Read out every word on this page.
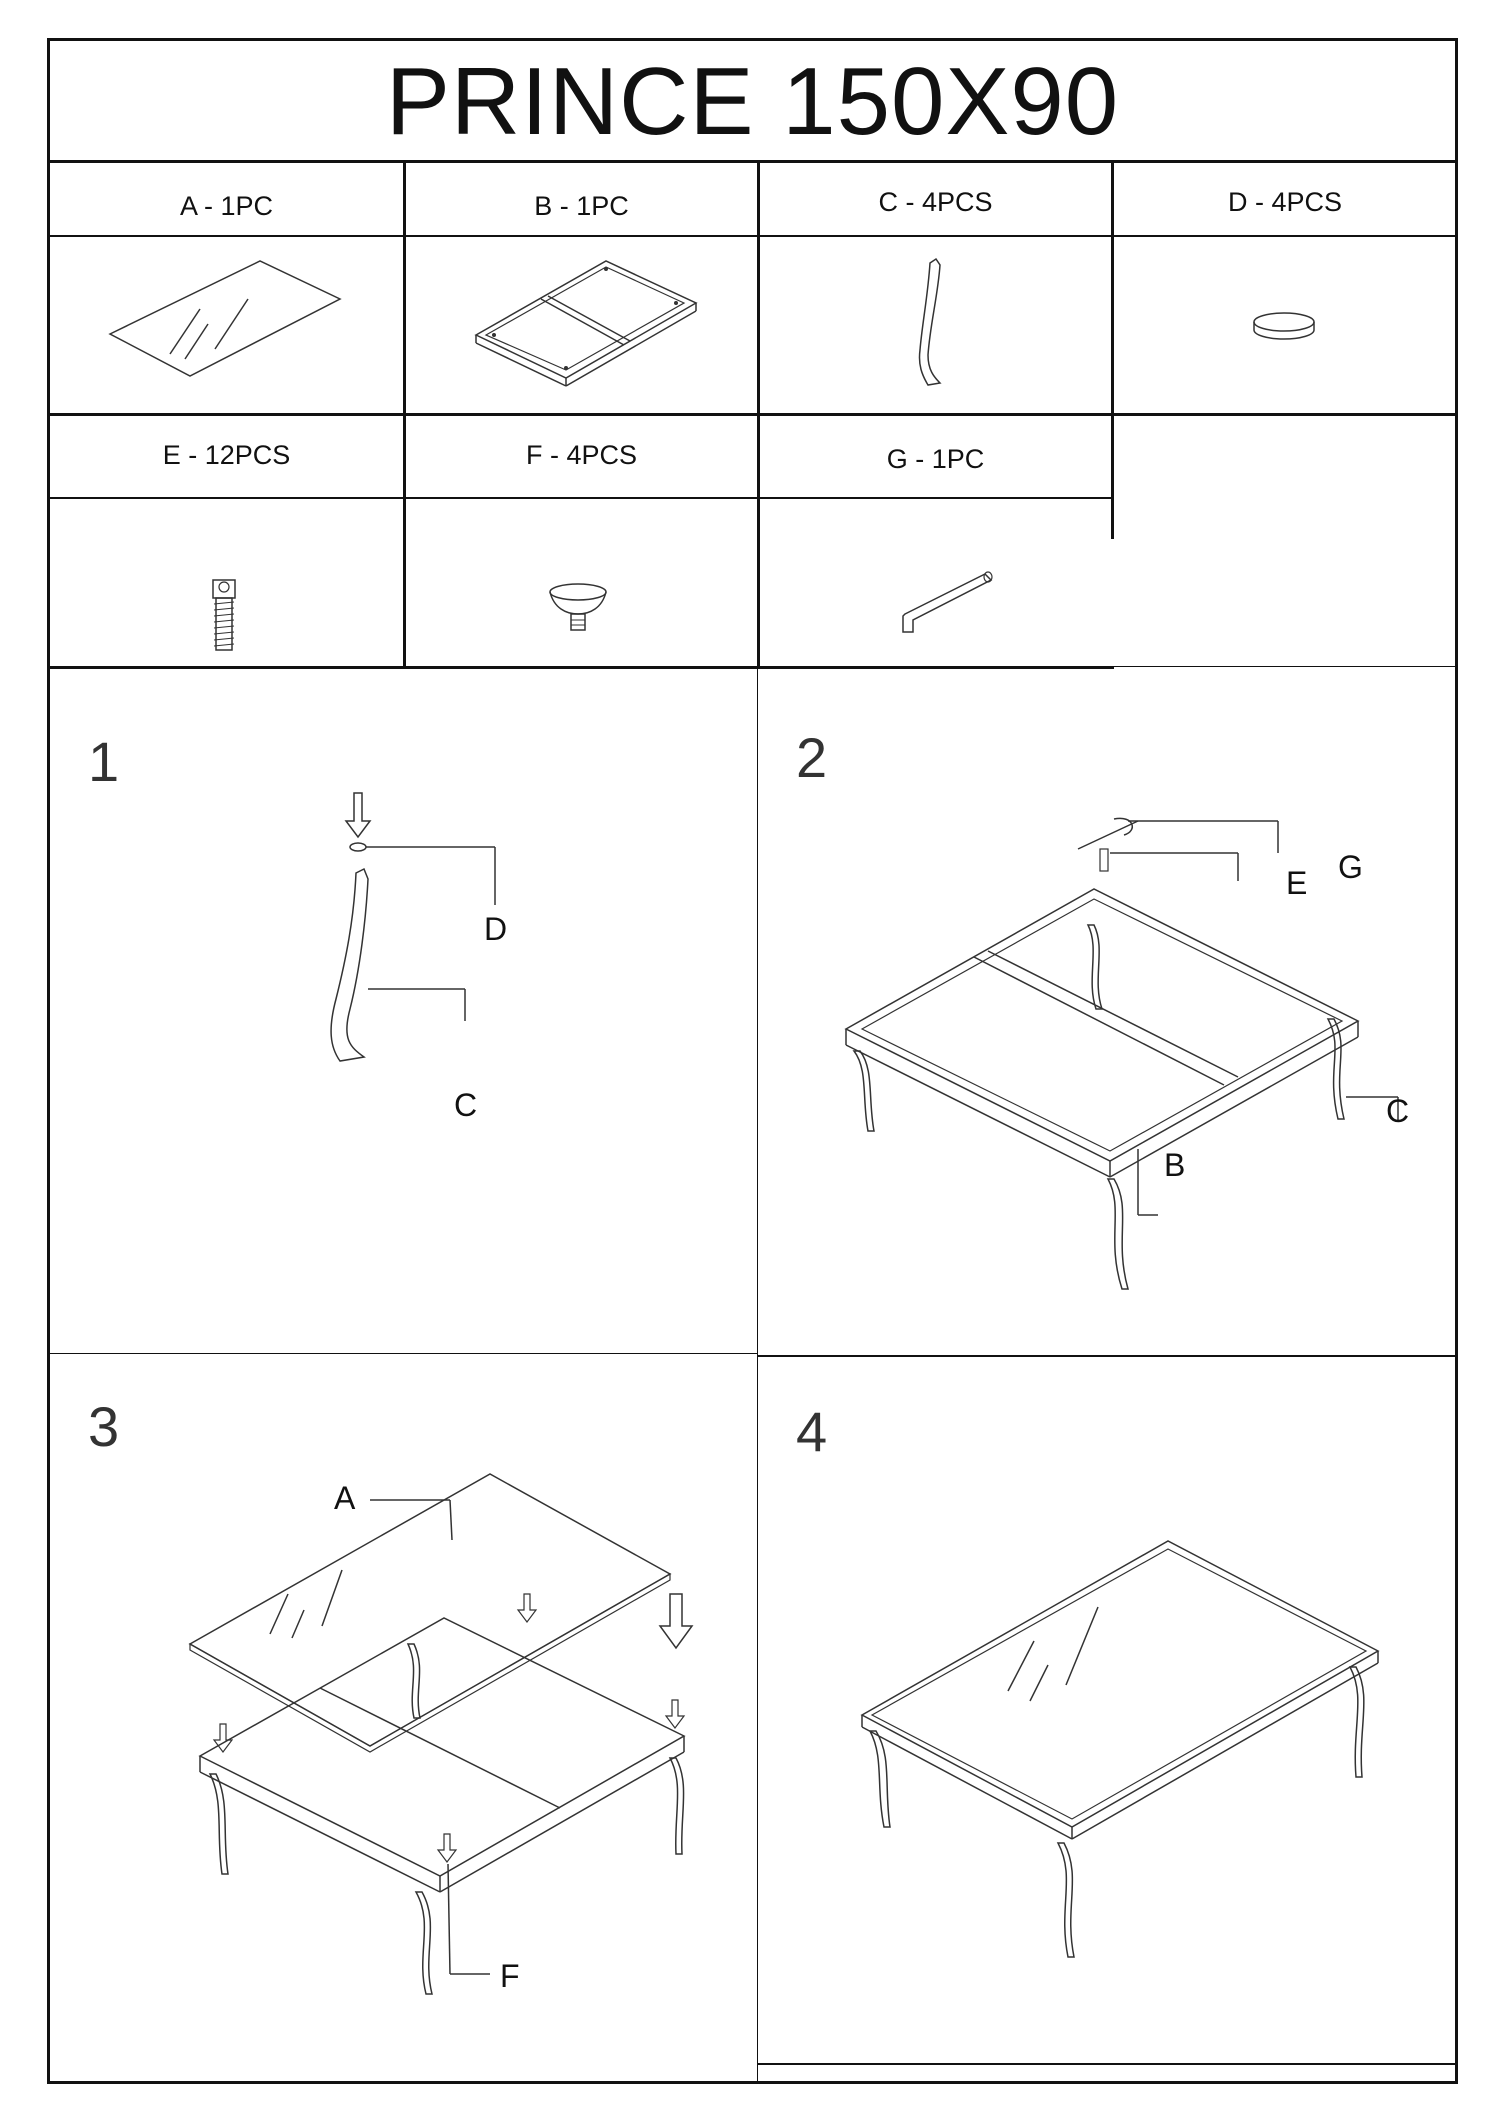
PRINCE 150X90
A - 1PC	B - 1PC	C - 4PCS	D - 4PCS
E - 12PCS	F - 4PCS	G - 1PC
1
D
C
2
G
E
C
B
3
A
F
4
